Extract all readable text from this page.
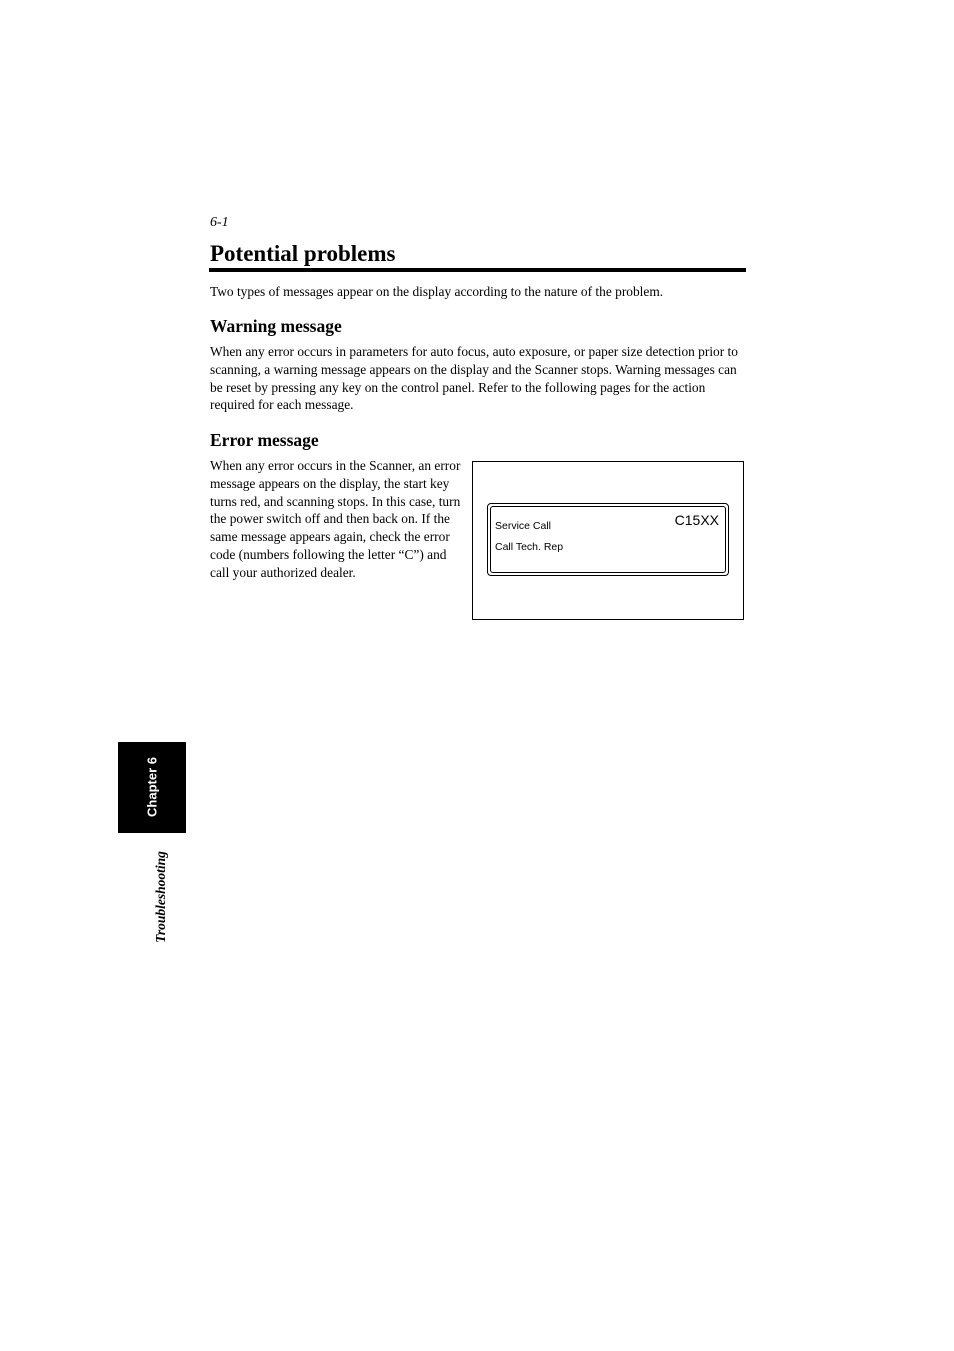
6-1
Potential problems

Two types of messages appear on the display according to the nature of the problem.

Warning message

When any error occurs in parameters for auto focus, auto exposure, or paper size detection prior to scanning, a warning message appears on the display and the Scanner stops. Warning messages can be reset by pressing any key on the control panel. Refer to the following pages for the action required for each message.

Error message

When any error occurs in the Scanner, an error message appears on the display, the start key turns red, and scanning stops. In this case, turn the power switch off and then back on. If the same message appears again, check the error code (numbers following the letter “C”) and call your authorized dealer.

Service Call
Call Tech. Rep
C15XX
Chapter 6
Troubleshooting
